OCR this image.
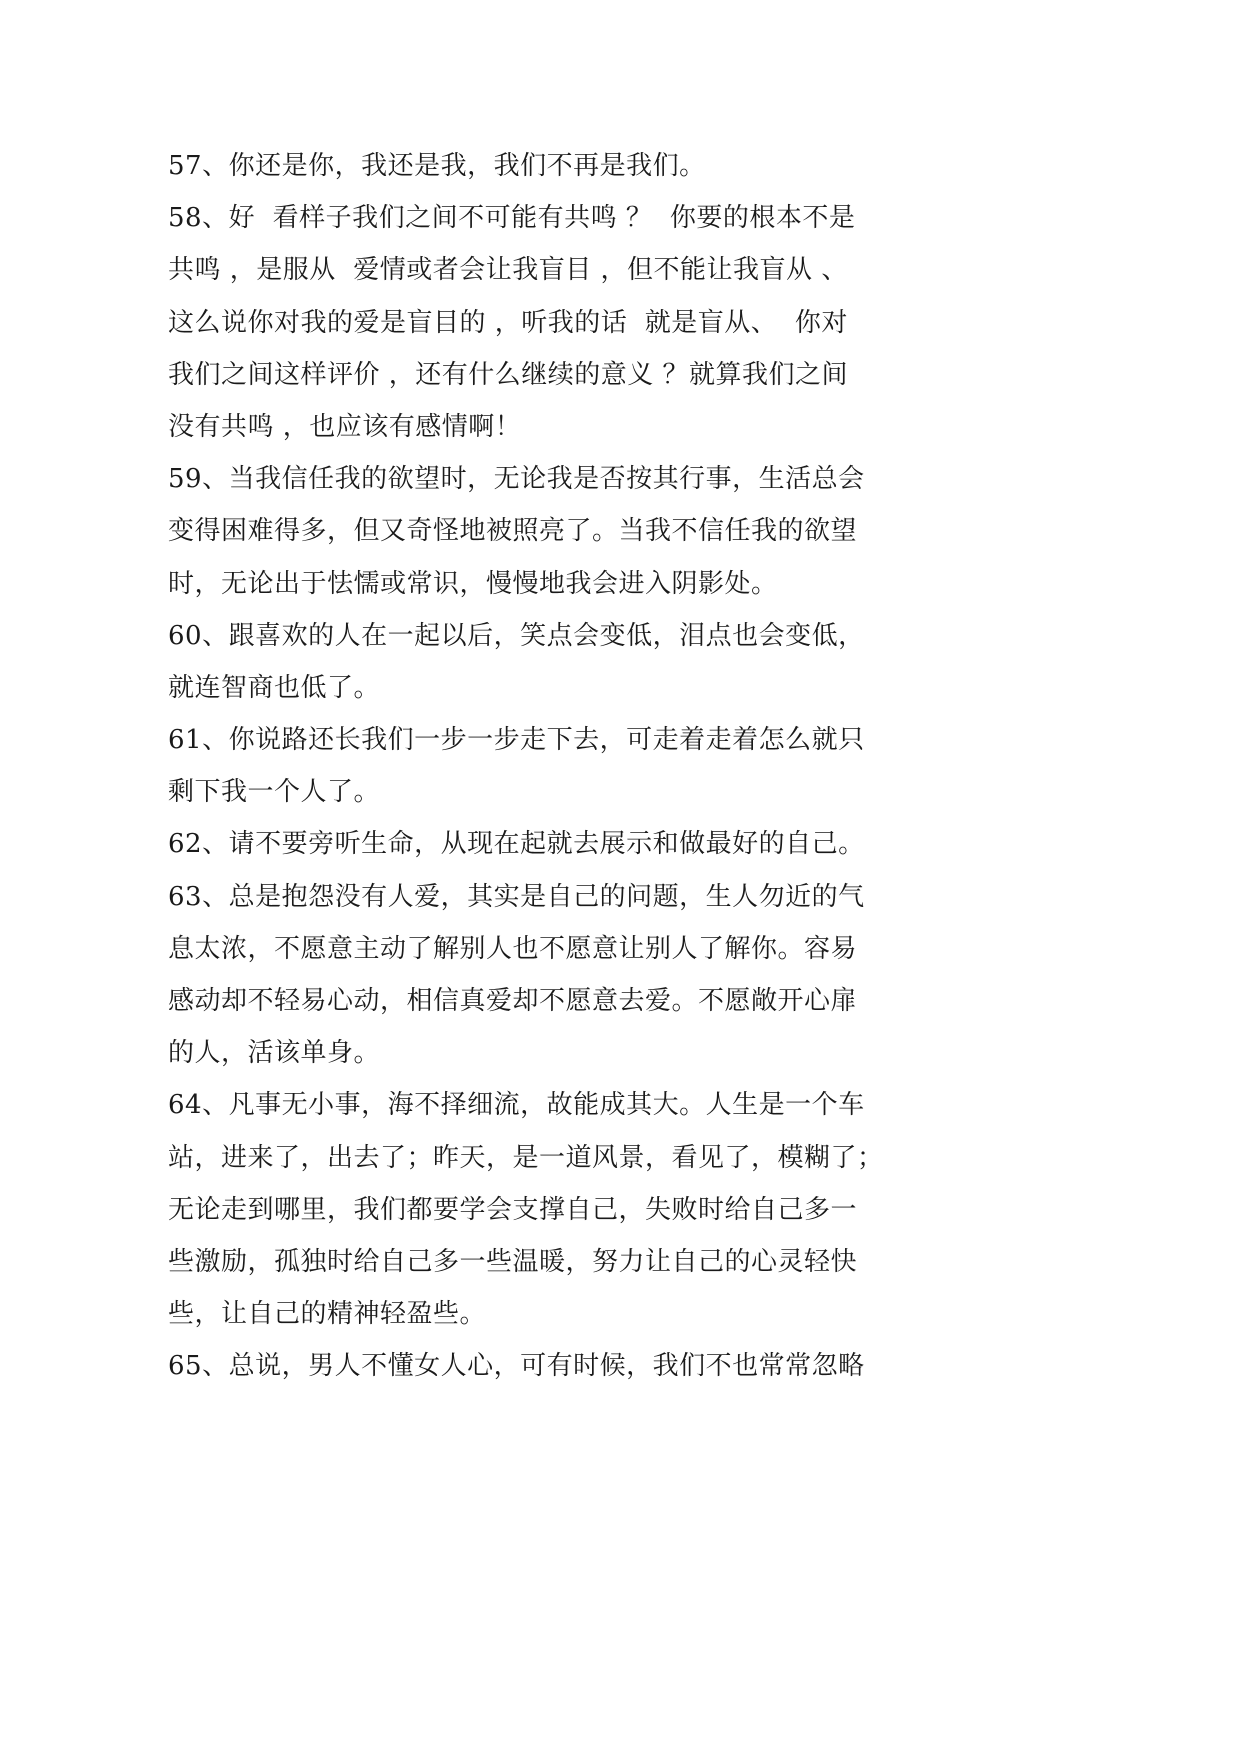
57、你还是你，我还是我，我们不再是我们。
58、好  看样子我们之间不可能有共鸣 ？  你要的根本不是
共鸣 ，是服从  爱情或者会让我盲目 ，但不能让我盲从 、
这么说你对我的爱是盲目的 ，听我的话  就是盲从、  你对
我们之间这样评价 ，还有什么继续的意义 ？就算我们之间
没有共鸣 ，也应该有感情啊！
59、当我信任我的欲望时，无论我是否按其行事，生活总会
变得困难得多，但又奇怪地被照亮了。当我不信任我的欲望
时，无论出于怯懦或常识，慢慢地我会进入阴影处。
60、跟喜欢的人在一起以后，笑点会变低，泪点也会变低，
就连智商也低了。
61、你说路还长我们一步一步走下去，可走着走着怎么就只
剩下我一个人了。
62、请不要旁听生命，从现在起就去展示和做最好的自己。
63、总是抱怨没有人爱，其实是自己的问题，生人勿近的气
息太浓，不愿意主动了解别人也不愿意让别人了解你。容易
感动却不轻易心动，相信真爱却不愿意去爱。不愿敞开心扉
的人，活该单身。
64、凡事无小事，海不择细流，故能成其大。人生是一个车
站，进来了，出去了；昨天，是一道风景，看见了，模糊了；
无论走到哪里，我们都要学会支撑自己，失败时给自己多一
些激励，孤独时给自己多一些温暖，努力让自己的心灵轻快
些，让自己的精神轻盈些。
65、总说，男人不懂女人心，可有时候，我们不也常常忽略
